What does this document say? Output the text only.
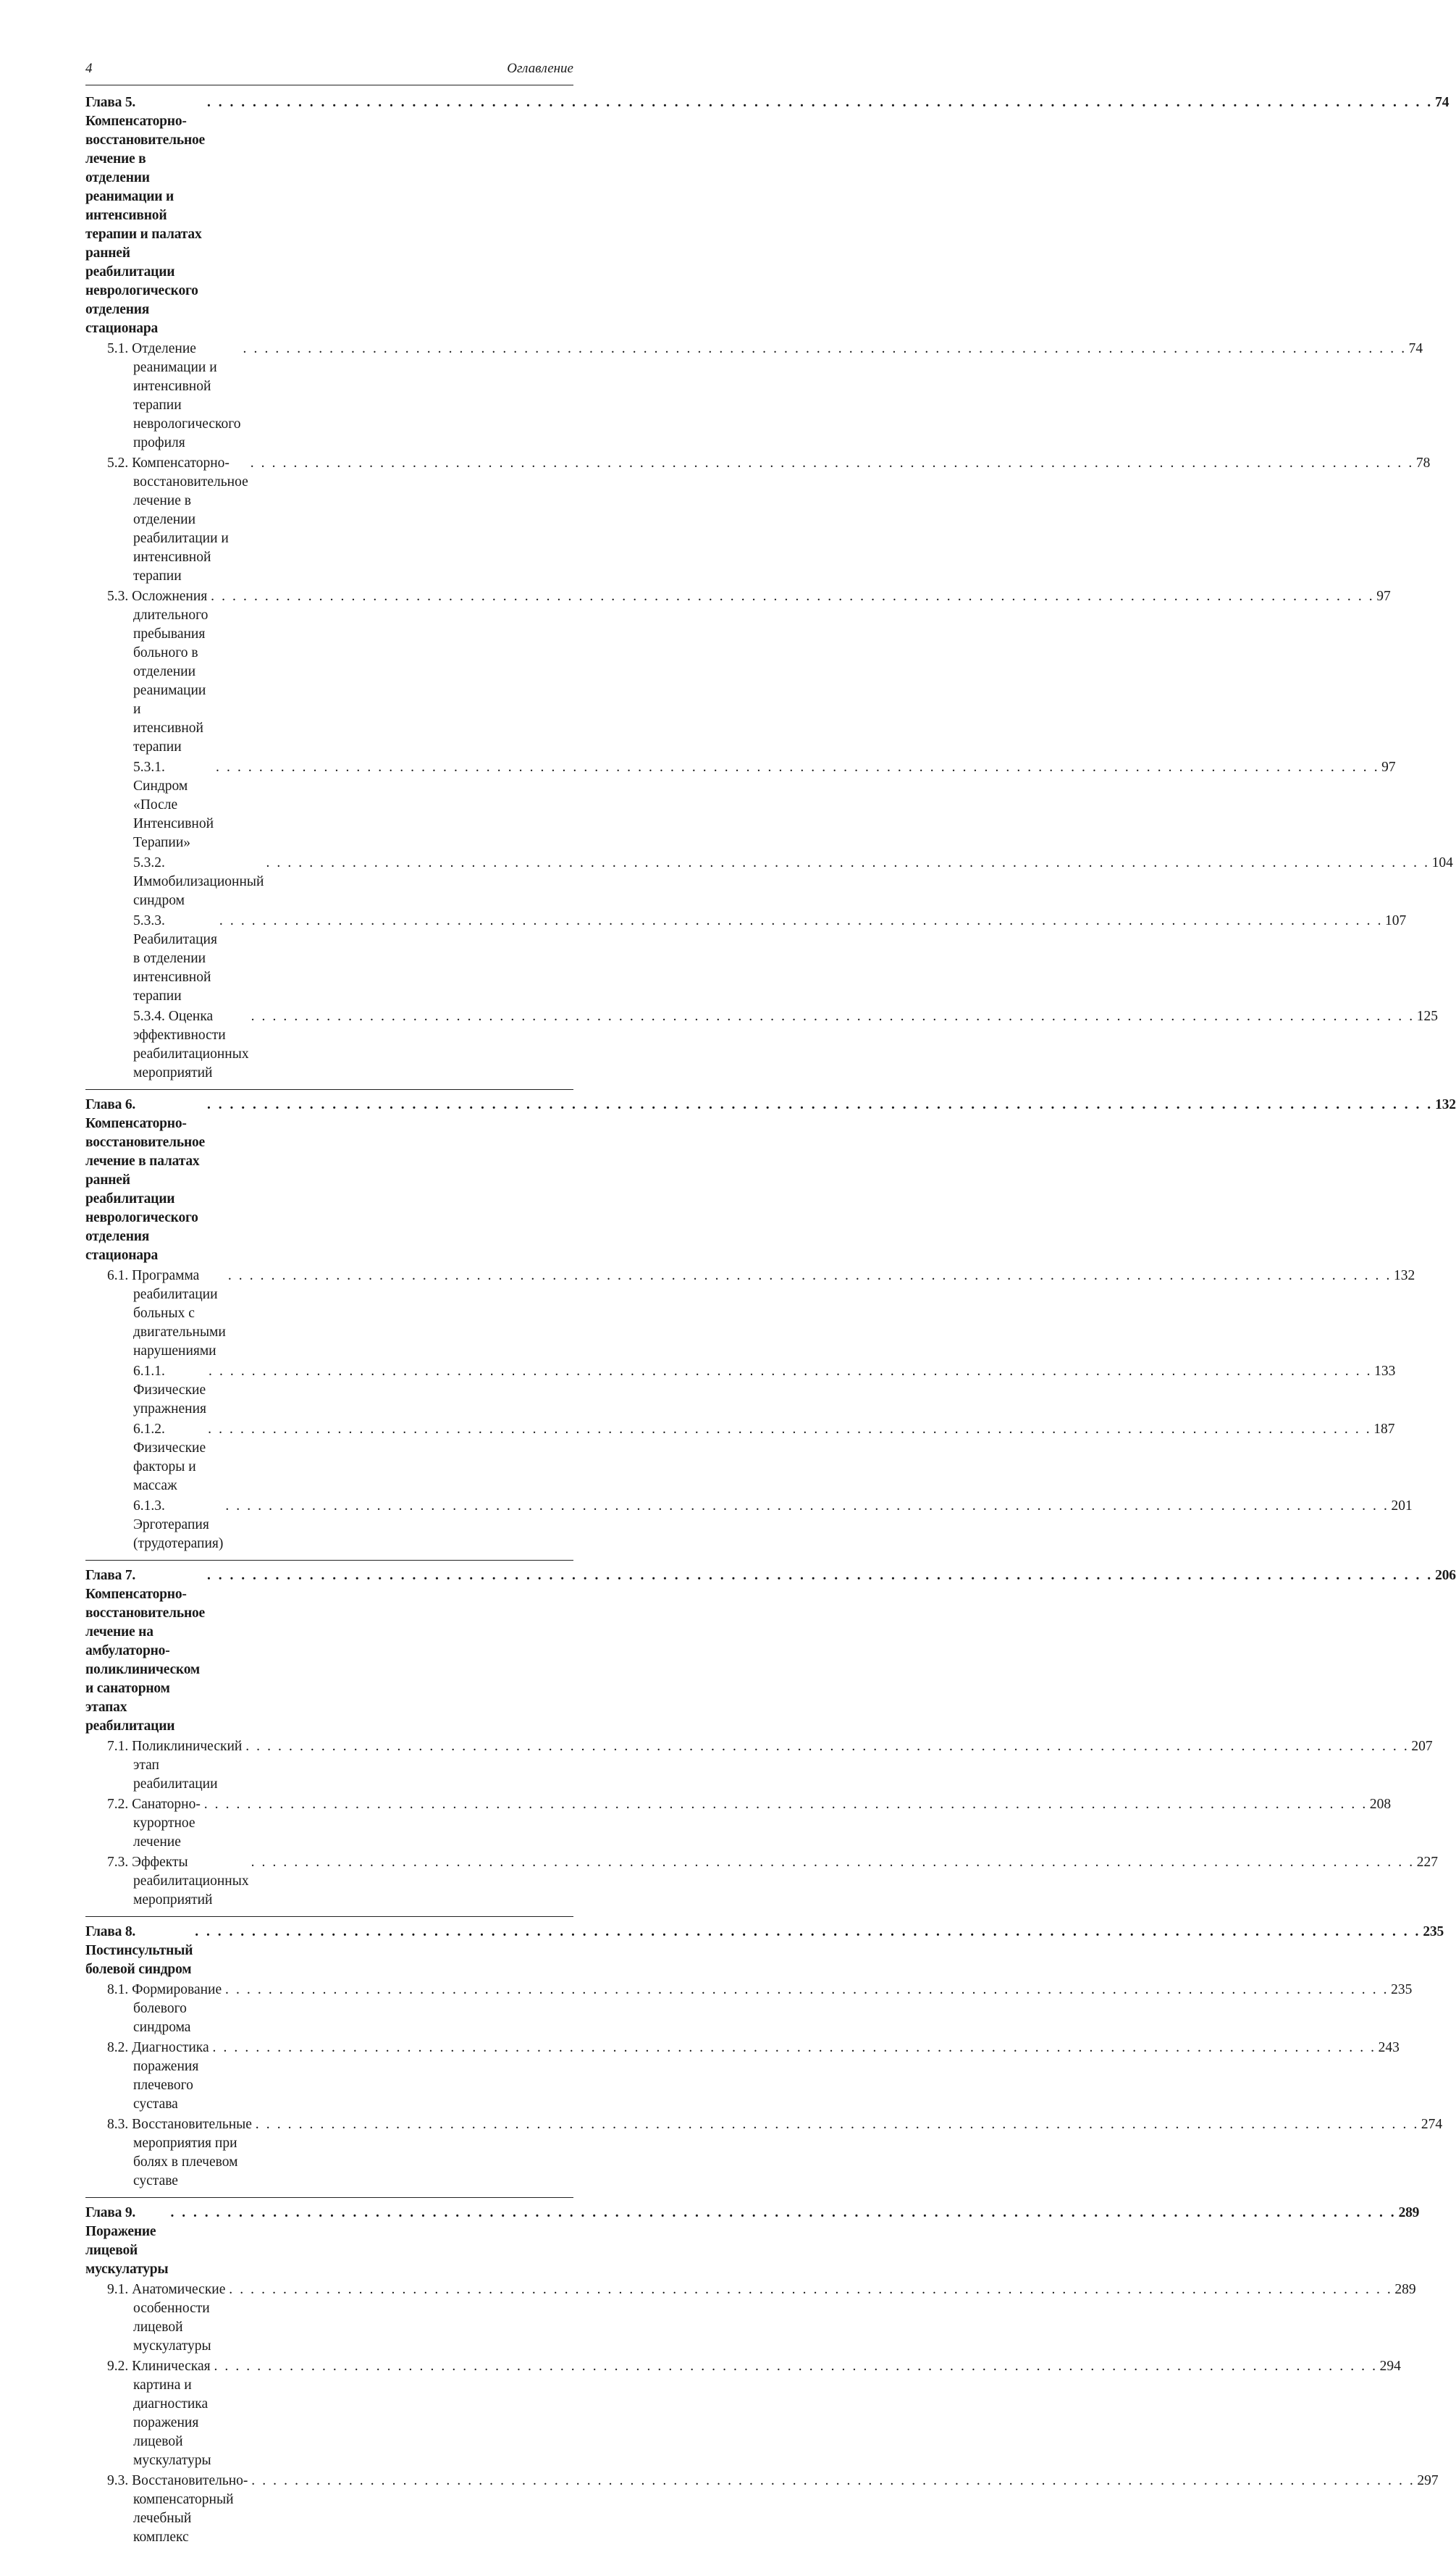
4	Оглавление
Глава 5. Компенсаторно-восстановительное лечение в отделении реанимации и интенсивной терапии и палатах ранней реабилитации неврологического отделения стационара
. . .
74
5.1. Отделение реанимации и интенсивной терапии неврологического профиля
. . .
74
5.2. Компенсаторно-восстановительное лечение в отделении реабилитации и интенсивной терапии
. . .
78
5.3. Осложнения длительного пребывания больного в отделении реанимации и итенсивной терапии
. . .
97
5.3.1. Синдром «После Интенсивной Терапии»
. . .
97
5.3.2. Иммобилизационный синдром
. . .
104
5.3.3. Реабилитация в отделении интенсивной терапии
. . .
107
5.3.4. Оценка эффективности реабилитационных мероприятий
. . .
125
Глава 6. Компенсаторно-восстановительное лечение в палатах ранней реабилитации неврологического отделения стационара
. . .
132
6.1. Программа реабилитации больных с двигательными нарушениями
. . .
132
6.1.1. Физические упражнения
. . .
133
6.1.2. Физические факторы и массаж
. . .
187
6.1.3. Эрготерапия (трудотерапия)
. . .
201
Глава 7. Компенсаторно-восстановительное лечение на амбулаторно-поликлиническом и санаторном этапах реабилитации
. . .
206
7.1. Поликлинический этап реабилитации
. . .
207
7.2. Санаторно-курортное лечение
. . .
208
7.3. Эффекты реабилитационных мероприятий
. . .
227
Глава 8. Постинсультный болевой синдром
. . .
235
8.1. Формирование болевого синдрома
. . .
235
8.2. Диагностика поражения плечевого сустава
. . .
243
8.3. Восстановительные мероприятия при болях в плечевом суставе
. . .
274
Глава 9. Поражение лицевой мускулатуры
. . .
289
9.1. Анатомические особенности лицевой мускулатуры
. . .
289
9.2. Клиническая картина и диагностика поражения лицевой мускулатуры
. . .
294
9.3. Восстановительно-компенсаторный лечебный комплекс
. . .
297
